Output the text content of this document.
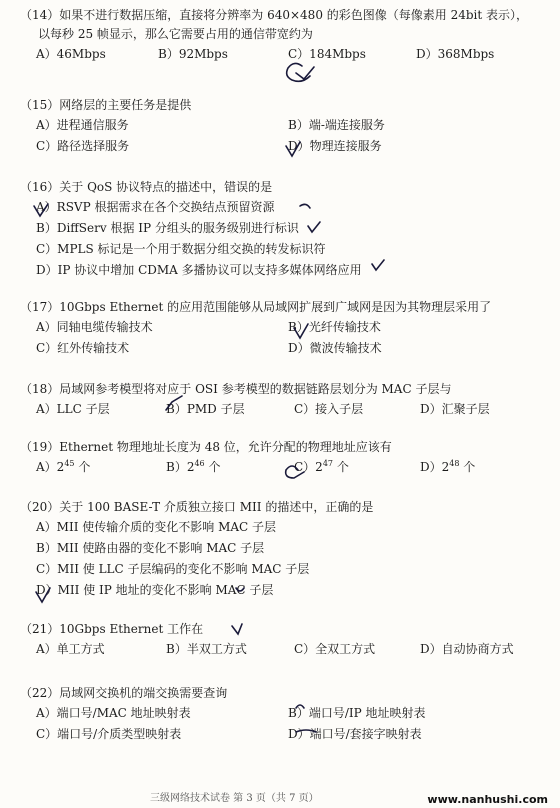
（14）如果不进行数据压缩，直接将分辨率为 640×480 的彩色图像（每像素用 24bit 表示），
以每秒 25 帧显示，那么它需要占用的通信带宽约为
A）46Mbps	B）92Mbps	C）184Mbps	D）368Mbps
（15）网络层的主要任务是提供
A）进程通信服务	B）端-端连接服务
C）路径选择服务	D）物理连接服务
（16）关于 QoS 协议特点的描述中，错误的是
A）RSVP 根据需求在各个交换结点预留资源
B）DiffServ 根据 IP 分组头的服务级别进行标识
C）MPLS 标记是一个用于数据分组交换的转发标识符
D）IP 协议中增加 CDMA 多播协议可以支持多媒体网络应用
（17）10Gbps Ethernet 的应用范围能够从局域网扩展到广域网是因为其物理层采用了
A）同轴电缆传输技术	B）光纤传输技术
C）红外传输技术	D）微波传输技术
（18）局域网参考模型将对应于 OSI 参考模型的数据链路层划分为 MAC 子层与
A）LLC 子层	B）PMD 子层	C）接入子层	D）汇聚子层
（19）Ethernet 物理地址长度为 48 位，允许分配的物理地址应该有
$A)2^{45}$ 个	$B)2^{46}$ 个	$C)2^{47}$ 个	$D)2^{48}$ 个
（20）关于 100 BASE-T 介质独立接口 MII 的描述中，正确的是
A）MII 使传输介质的变化不影响 MAC 子层
B）MII 使路由器的变化不影响 MAC 子层
C）MII 使 LLC 子层编码的变化不影响 MAC 子层
D）MII 使 IP 地址的变化不影响 MAC 子层
（21）10Gbps Ethernet 工作在
A）单工方式	B）半双工方式	C）全双工方式	D）自动协商方式
（22）局域网交换机的端交换需要查询
A）端口号/MAC 地址映射表	B）端口号/IP 地址映射表
C）端口号/介质类型映射表	D）端口号/套接字映射表
三级网络技术试卷 第 3 页（共 7 页）	www.nanhushi.com
